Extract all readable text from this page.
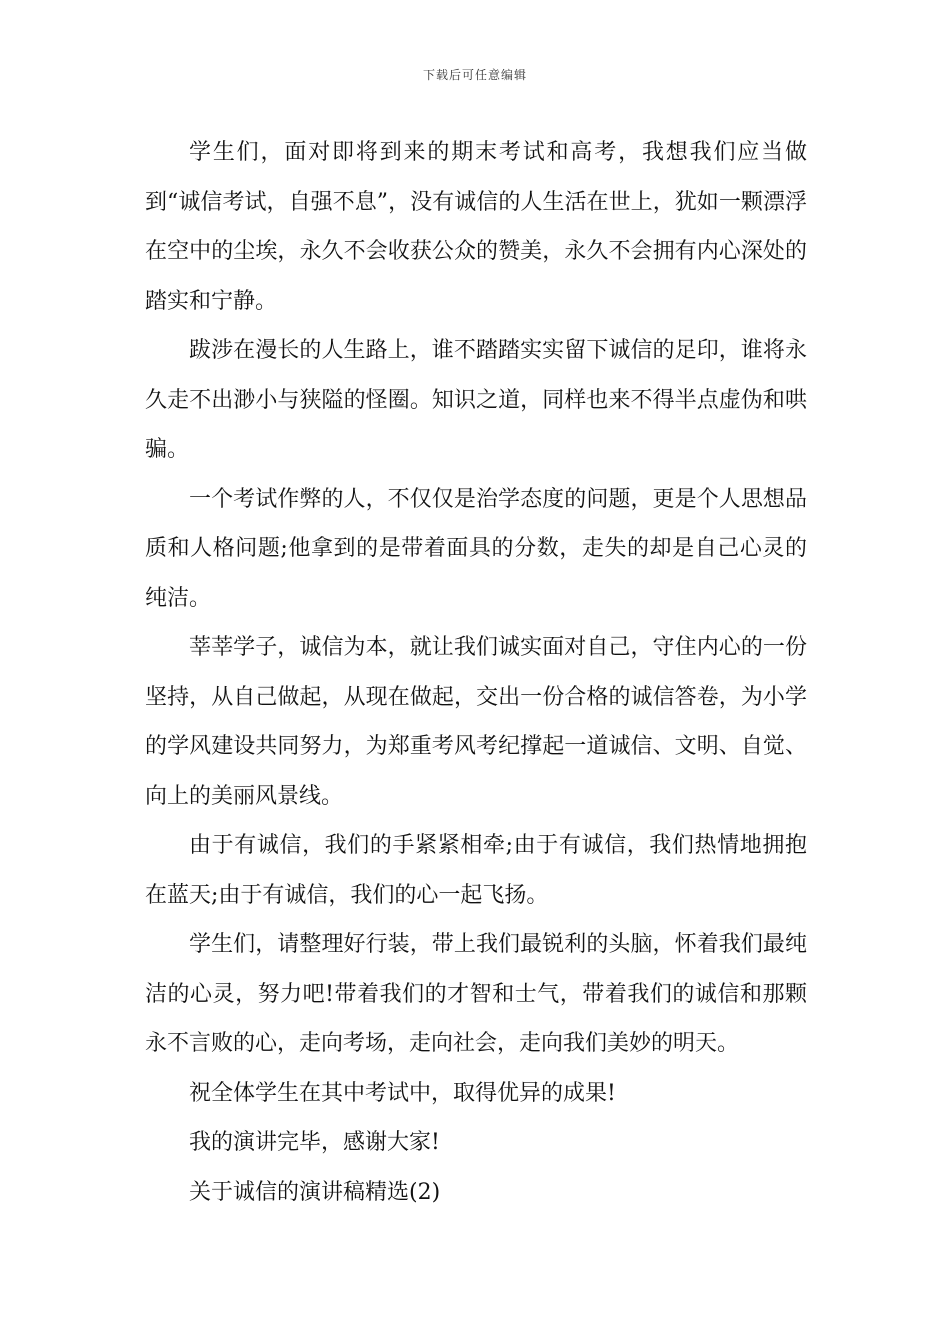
下载后可任意编辑

学生们，面对即将到来的期末考试和高考，我想我们应当做到“诚信考试，自强不息”，没有诚信的人生活在世上，犹如一颗漂浮在空中的尘埃，永久不会收获公众的赞美，永久不会拥有内心深处的踏实和宁静。

跋涉在漫长的人生路上，谁不踏踏实实留下诚信的足印，谁将永久走不出渺小与狭隘的怪圈。知识之道，同样也来不得半点虚伪和哄骗。

一个考试作弊的人，不仅仅是治学态度的问题，更是个人思想品质和人格问题;他拿到的是带着面具的分数，走失的却是自己心灵的纯洁。

莘莘学子，诚信为本，就让我们诚实面对自己，守住内心的一份坚持，从自己做起，从现在做起，交出一份合格的诚信答卷，为小学的学风建设共同努力，为郑重考风考纪撑起一道诚信、文明、自觉、向上的美丽风景线。

由于有诚信，我们的手紧紧相牵;由于有诚信，我们热情地拥抱在蓝天;由于有诚信，我们的心一起飞扬。

学生们，请整理好行装，带上我们最锐利的头脑，怀着我们最纯洁的心灵，努力吧!带着我们的才智和士气，带着我们的诚信和那颗永不言败的心，走向考场，走向社会，走向我们美妙的明天。

祝全体学生在其中考试中，取得优异的成果!

我的演讲完毕，感谢大家!

关于诚信的演讲稿精选(2)
